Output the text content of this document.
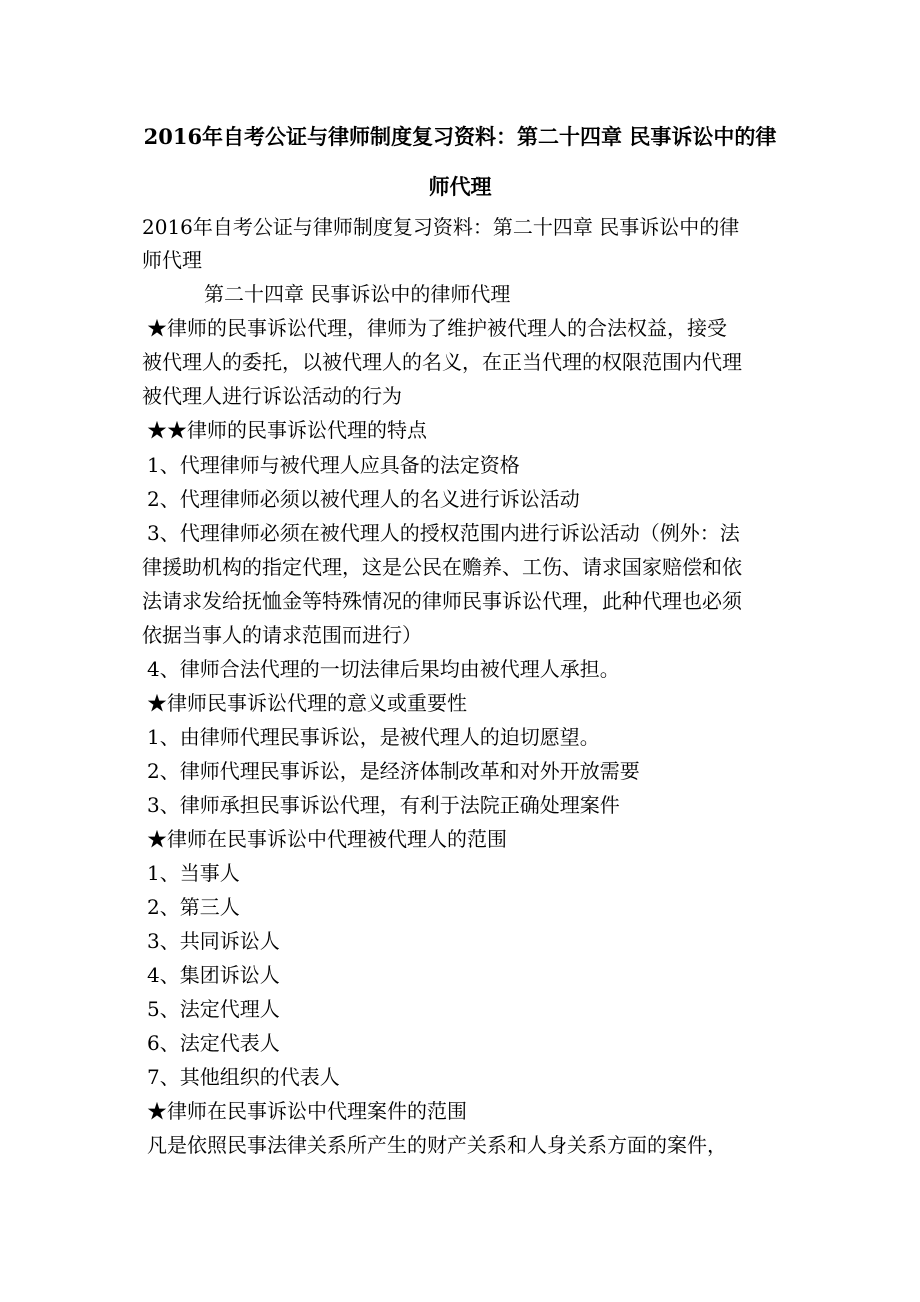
2016年自考公证与律师制度复习资料：第二十四章 民事诉讼中的律
师代理
2016年自考公证与律师制度复习资料：第二十四章 民事诉讼中的律
师代理
第二十四章 民事诉讼中的律师代理
★律师的民事诉讼代理，律师为了维护被代理人的合法权益，接受
被代理人的委托，以被代理人的名义，在正当代理的权限范围内代理
被代理人进行诉讼活动的行为
★★律师的民事诉讼代理的特点
1、代理律师与被代理人应具备的法定资格
2、代理律师必须以被代理人的名义进行诉讼活动
3、代理律师必须在被代理人的授权范围内进行诉讼活动（例外：法
律援助机构的指定代理，这是公民在赡养、工伤、请求国家赔偿和依
法请求发给抚恤金等特殊情况的律师民事诉讼代理，此种代理也必须
依据当事人的请求范围而进行）
4、律师合法代理的一切法律后果均由被代理人承担。
★律师民事诉讼代理的意义或重要性
1、由律师代理民事诉讼，是被代理人的迫切愿望。
2、律师代理民事诉讼，是经济体制改革和对外开放需要
3、律师承担民事诉讼代理，有利于法院正确处理案件
★律师在民事诉讼中代理被代理人的范围
1、当事人
2、第三人
3、共同诉讼人
4、集团诉讼人
5、法定代理人
6、法定代表人
7、其他组织的代表人
★律师在民事诉讼中代理案件的范围
凡是依照民事法律关系所产生的财产关系和人身关系方面的案件，
